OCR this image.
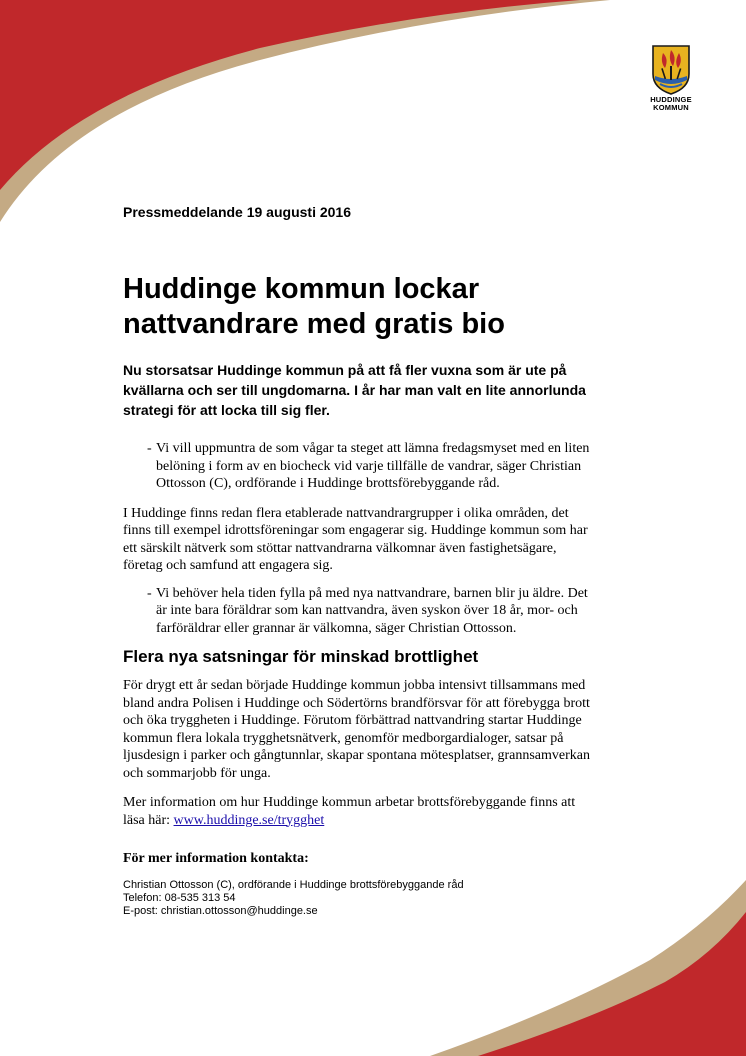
HUDDINGE
KOMMUN

Pressmeddelande 19 augusti 2016

Huddinge kommun lockar
nattvandrare med gratis bio

Nu storsatsar Huddinge kommun på att få fler vuxna som är ute på kvällarna och ser till ungdomarna. I år har man valt en lite annorlunda strategi för att locka till sig fler.

- Vi vill uppmuntra de som vågar ta steget att lämna fredagsmyset med en liten belöning i form av en biocheck vid varje tillfälle de vandrar, säger Christian Ottosson (C), ordförande i Huddinge brottsförebyggande råd.

I Huddinge finns redan flera etablerade nattvandrargrupper i olika områden, det finns till exempel idrottsföreningar som engagerar sig. Huddinge kommun som har ett särskilt nätverk som stöttar nattvandrarna välkomnar även fastighetsägare, företag och samfund att engagera sig.

- Vi behöver hela tiden fylla på med nya nattvandrare, barnen blir ju äldre. Det är inte bara föräldrar som kan nattvandra, även syskon över 18 år, mor- och farföräldrar eller grannar är välkomna, säger Christian Ottosson.
Flera nya satsningar för minskad brottlighet

För drygt ett år sedan började Huddinge kommun jobba intensivt tillsammans med bland andra Polisen i Huddinge och Södertörns brandförsvar för att förebygga brott och öka tryggheten i Huddinge. Förutom förbättrad nattvandring startar Huddinge kommun flera lokala trygghetsnätverk, genomför medborgardialoger, satsar på ljusdesign i parker och gångtunnlar, skapar spontana mötesplatser, grannsamverkan och sommarjobb för unga.

Mer information om hur Huddinge kommun arbetar brottsförebyggande finns att läsa här: www.huddinge.se/trygghet

För mer information kontakta:

Christian Ottosson (C), ordförande i Huddinge brottsförebyggande råd
Telefon: 08-535 313 54
E-post: christian.ottosson@huddinge.se
